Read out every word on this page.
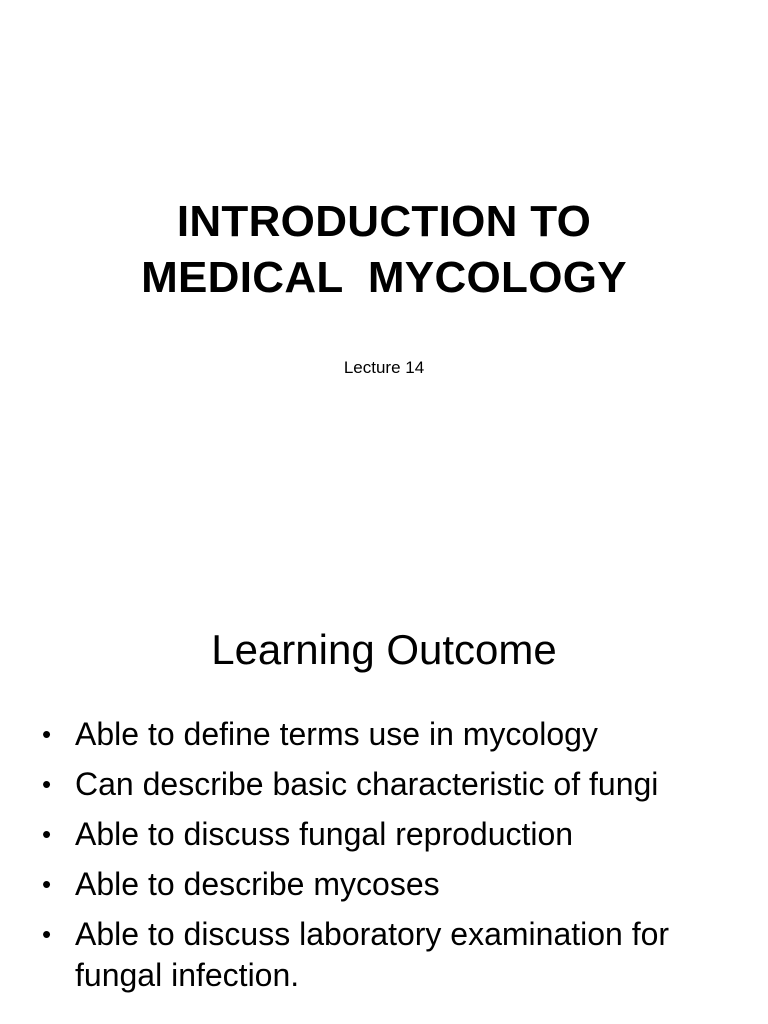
INTRODUCTION TO
MEDICAL  MYCOLOGY
Lecture 14
Learning Outcome
• Able to define terms use in mycology
• Can describe basic characteristic of fungi
• Able to discuss fungal reproduction
• Able to describe mycoses
• Able to discuss laboratory examination for fungal infection.
